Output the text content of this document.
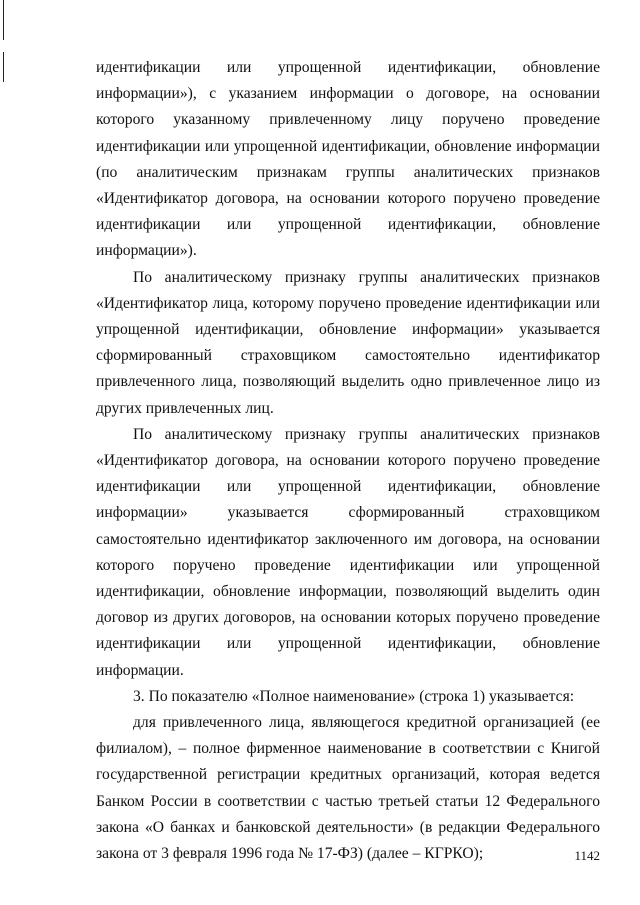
идентификации или упрощенной идентификации, обновление информации»), с указанием информации о договоре, на основании которого указанному привлеченному лицу поручено проведение идентификации или упрощенной идентификации, обновление информации (по аналитическим признакам группы аналитических признаков «Идентификатор договора, на основании которого поручено проведение идентификации или упрощенной идентификации, обновление информации»).

По аналитическому признаку группы аналитических признаков «Идентификатор лица, которому поручено проведение идентификации или упрощенной идентификации, обновление информации» указывается сформированный страховщиком самостоятельно идентификатор привлеченного лица, позволяющий выделить одно привлеченное лицо из других привлеченных лиц.

По аналитическому признаку группы аналитических признаков «Идентификатор договора, на основании которого поручено проведение идентификации или упрощенной идентификации, обновление информации» указывается сформированный страховщиком самостоятельно идентификатор заключенного им договора, на основании которого поручено проведение идентификации или упрощенной идентификации, обновление информации, позволяющий выделить один договор из других договоров, на основании которых поручено проведение идентификации или упрощенной идентификации, обновление информации.

3. По показателю «Полное наименование» (строка 1) указывается:

для привлеченного лица, являющегося кредитной организацией (ее филиалом), – полное фирменное наименование в соответствии с Книгой государственной регистрации кредитных организаций, которая ведется Банком России в соответствии с частью третьей статьи 12 Федерального закона «О банках и банковской деятельности» (в редакции Федерального закона от 3 февраля 1996 года № 17-ФЗ) (далее – КГРКО);	1142
